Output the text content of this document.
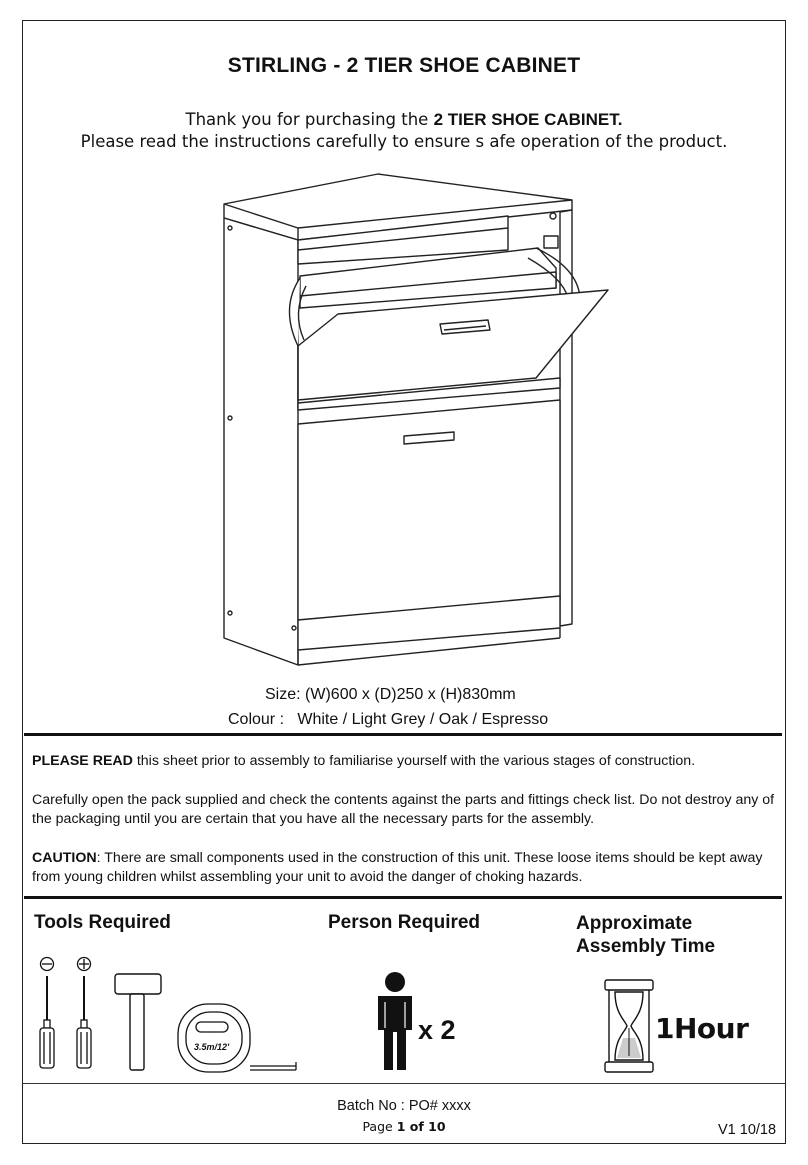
STIRLING - 2 TIER SHOE CABINET
Thank you for purchasing the 2 TIER SHOE CABINET.
Please read the instructions carefully to ensure s afe operation of the product.
Size: (W)600 x (D)250 x (H)830mm
Colour : White / Light Grey / Oak / Espresso
PLEASE READ this sheet prior to assembly to familiarise yourself with the various stages of construction.
Carefully open the pack supplied and check the contents against the parts and fittings check list. Do not destroy any of the packaging until you are certain that you have all the necessary parts for the assembly.
CAUTION: There are small components used in the construction of this unit. These loose items should be kept away from young children whilst assembling your unit to avoid the danger of choking hazards.
Tools Required	Person Required	Approximate
Assembly Time
3.5m/12'
x 2	1Hour
Batch No : PO# xxxx
Page 1 of 10	V1 10/18
